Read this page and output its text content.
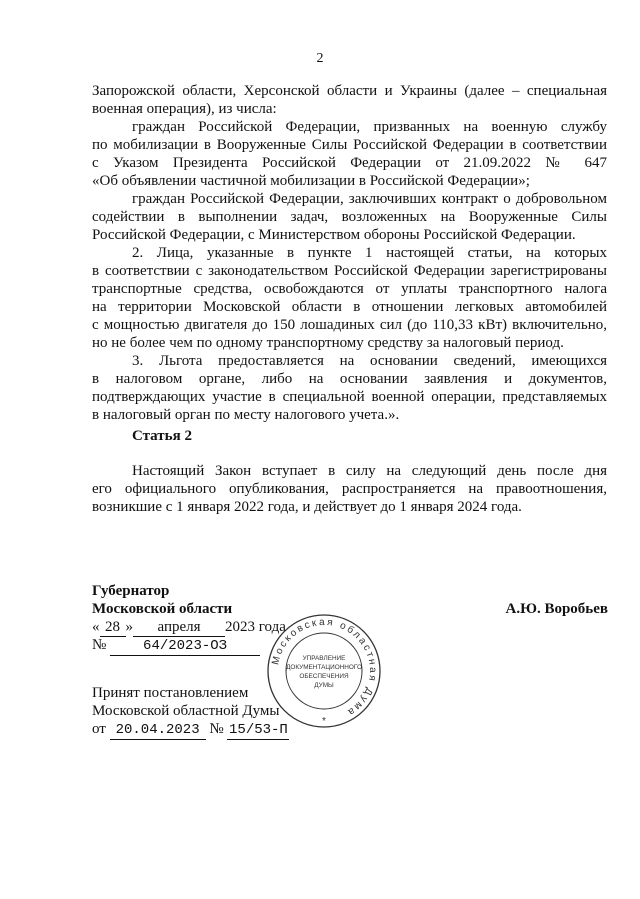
2
Запорожской области, Херсонской области и Украины (далее – специальная
военная операция), из числа:
граждан Российской Федерации, призванных на военную службу
по мобилизации в Вооруженные Силы Российской Федерации в соответствии
с Указом Президента Российской Федерации от 21.09.2022 № 647
«Об объявлении частичной мобилизации в Российской Федерации»;
граждан Российской Федерации, заключивших контракт о добровольном
содействии в выполнении задач, возложенных на Вооруженные Силы
Российской Федерации, с Министерством обороны Российской Федерации.
2. Лица, указанные в пункте 1 настоящей статьи, на которых
в соответствии с законодательством Российской Федерации зарегистрированы
транспортные средства, освобождаются от уплаты транспортного налога
на территории Московской области в отношении легковых автомобилей
с мощностью двигателя до 150 лошадиных сил (до 110,33 кВт) включительно,
но не более чем по одному транспортному средству за налоговый период.
3. Льгота предоставляется на основании сведений, имеющихся
в налоговом органе, либо на основании заявления и документов,
подтверждающих участие в специальной военной операции, представляемых
в налоговый орган по месту налогового учета.».
Статья 2
Настоящий Закон вступает в силу на следующий день после дня
его официального опубликования, распространяется на правоотношения,
возникшие с 1 января 2022 года, и действует до 1 января 2024 года.
Губернатор
Московской области	А.Ю. Воробьев
« 28 » апреля 2023 года
№	64/2023-ОЗ
Принят постановлением
Московской областной Думы
от 20.04.2023 № 15/53-П
Московская областная Дума
УПРАВЛЕНИЕ
ДОКУМЕНТАЦИОННОГО
ОБЕСПЕЧЕНИЯ
ДУМЫ
*
